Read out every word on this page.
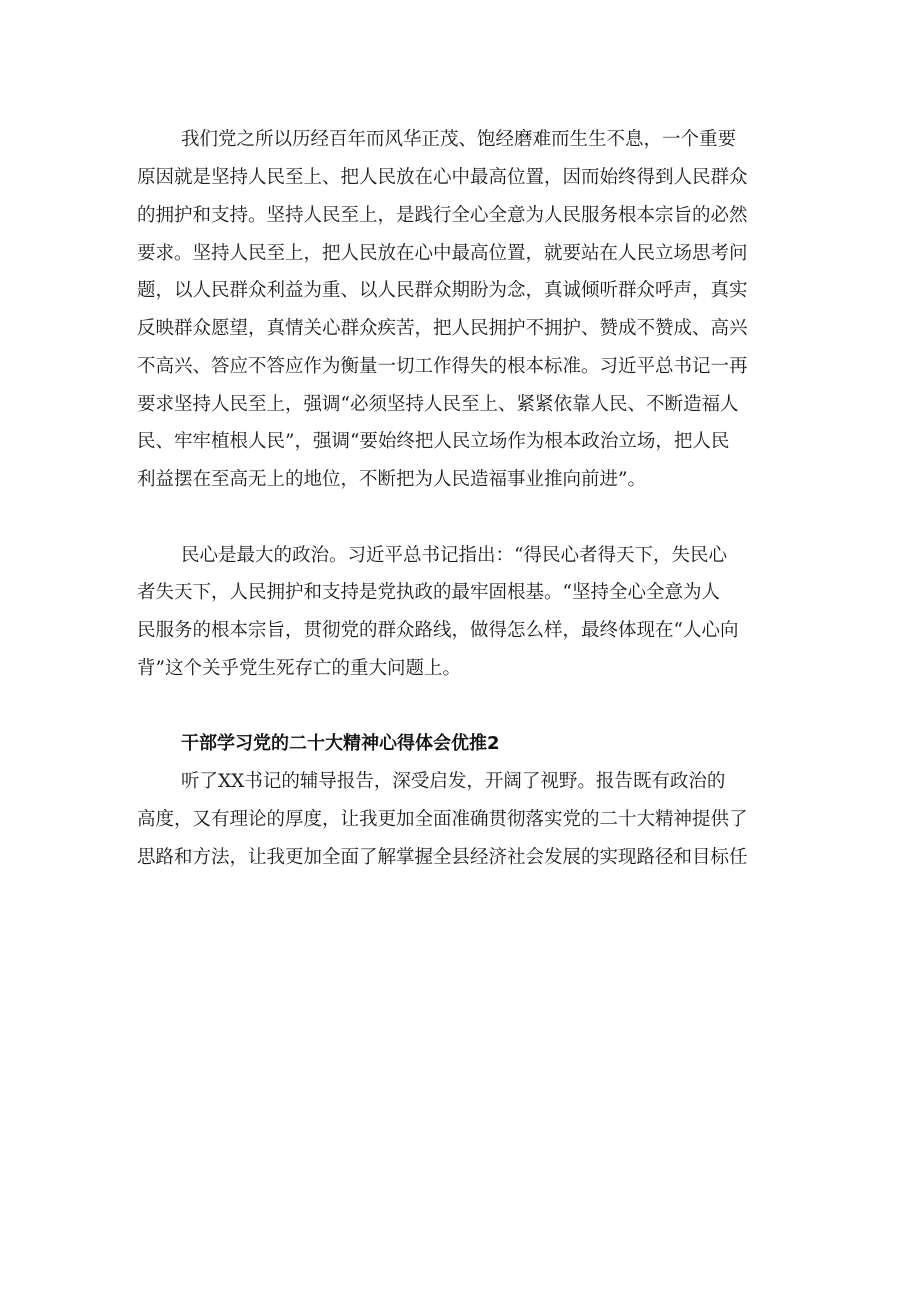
我们党之所以历经百年而风华正茂、饱经磨难而生生不息，一个重要
原因就是坚持人民至上、把人民放在心中最高位置，因而始终得到人民群众
的拥护和支持。坚持人民至上，是践行全心全意为人民服务根本宗旨的必然
要求。坚持人民至上，把人民放在心中最高位置，就要站在人民立场思考问
题，以人民群众利益为重、以人民群众期盼为念，真诚倾听群众呼声，真实
反映群众愿望，真情关心群众疾苦，把人民拥护不拥护、赞成不赞成、高兴
不高兴、答应不答应作为衡量一切工作得失的根本标准。习近平总书记一再
要求坚持人民至上，强调“必须坚持人民至上、紧紧依靠人民、不断造福人
民、牢牢植根人民”，强调“要始终把人民立场作为根本政治立场，把人民
利益摆在至高无上的地位，不断把为人民造福事业推向前进”。
民心是最大的政治。习近平总书记指出：“得民心者得天下，失民心
者失天下，人民拥护和支持是党执政的最牢固根基。“坚持全心全意为人
民服务的根本宗旨，贯彻党的群众路线，做得怎么样，最终体现在“人心向
背”这个关乎党生死存亡的重大问题上。
干部学习党的二十大精神心得体会优推2
听了XX书记的辅导报告，深受启发，开阔了视野。报告既有政治的
高度，又有理论的厚度，让我更加全面准确贯彻落实党的二十大精神提供了
思路和方法，让我更加全面了解掌握全县经济社会发展的实现路径和目标任
